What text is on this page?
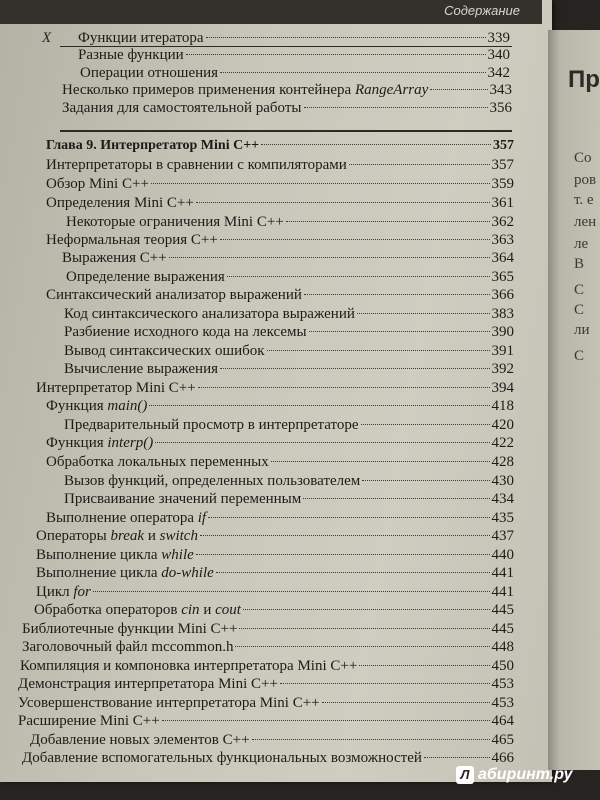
Содержание
X
Пр
Со
ров
т. е
лен
ле
В
С
С
ли
С
Функции итератора	339
Разные функции	340
Операции отношения	342
Несколько примеров применения контейнера RangeArray	343
Задания для самостоятельной работы	356
Глава 9. Интерпретатор Mini C++	357
Интерпретаторы в сравнении с компиляторами	357
Обзор Mini C++	359
Определения Mini C++	361
Некоторые ограничения Mini C++	362
Неформальная теория C++	363
Выражения C++	364
Определение выражения	365
Синтаксический анализатор выражений	366
Код синтаксического анализатора выражений	383
Разбиение исходного кода на лексемы	390
Вывод синтаксических ошибок	391
Вычисление выражения	392
Интерпретатор Mini C++	394
Функция main()	418
Предварительный просмотр в интерпретаторе	420
Функция interp()	422
Обработка локальных переменных	428
Вызов функций, определенных пользователем	430
Присваивание значений переменным	434
Выполнение оператора if	435
Операторы break и switch	437
Выполнение цикла while	440
Выполнение цикла do-while	441
Цикл for	441
Обработка операторов cin и cout	445
Библиотечные функции Mini C++	445
Заголовочный файл mccommon.h	448
Компиляция и компоновка интерпретатора Mini C++	450
Демонстрация интерпретатора Mini C++	453
Усовершенствование интерпретатора Mini C++	453
Расширение Mini C++	464
Добавление новых элементов C++	465
Добавление вспомогательных функциональных возможностей	466
Л абиринт.ру
